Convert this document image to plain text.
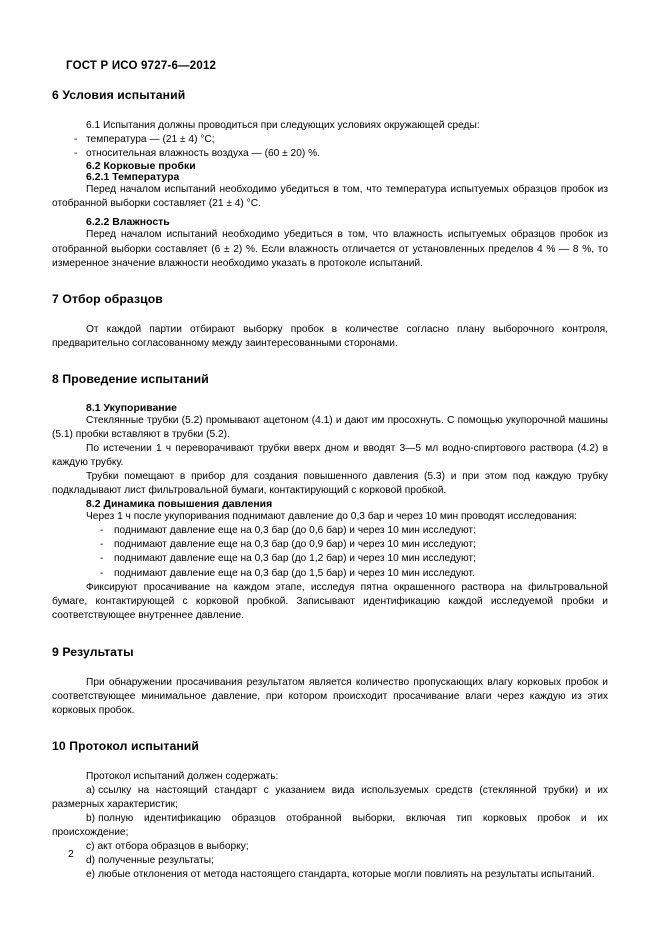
ГОСТ Р ИСО 9727-6—2012
6 Условия испытаний

6.1 Испытания должны проводиться при следующих условиях окружающей среды:

- температура — (21 ± 4) °C;
- относительная влажность воздуха — (60 ± 20) %.
6.2 Корковые пробки
6.2.1 Температура

Перед началом испытаний необходимо убедиться в том, что температура испытуемых образцов пробок из отобранной выборки составляет (21 ± 4) °С.

6.2.2 Влажность

Перед началом испытаний необходимо убедиться в том, что влажность испытуемых образцов пробок из отобранной выборки составляет (6 ± 2) %. Если влажность отличается от установленных пределов 4 % — 8 %, то измеренное значение влажности необходимо указать в протоколе испытаний.

7 Отбор образцов

От каждой партии отбирают выборку пробок в количестве согласно плану выборочного контроля, предварительно согласованному между заинтересованными сторонами.

8 Проведение испытаний
8.1 Укупоривание

Стеклянные трубки (5.2) промывают ацетоном (4.1) и дают им просохнуть. С помощью укупорочной машины (5.1) пробки вставляют в трубки (5.2).

По истечении 1 ч переворачивают трубки вверх дном и вводят 3—5 мл водно-спиртового раствора (4.2) в каждую трубку.

Трубки помещают в прибор для создания повышенного давления (5.3) и при этом под каждую трубку подкладывают лист фильтровальной бумаги, контактирующий с корковой пробкой.

8.2 Динамика повышения давления

Через 1 ч после укупоривания поднимают давление до 0,3 бар и через 10 мин проводят исследования:

- поднимают давление еще на 0,3 бар (до 0,6 бар) и через 10 мин исследуют;
- поднимают давление еще на 0,3 бар (до 0,9 бар) и через 10 мин исследуют;
- поднимают давление еще на 0,3 бар (до 1,2 бар) и через 10 мин исследуют;
- поднимают давление еще на 0,3 бар (до 1,5 бар) и через 10 мин исследуют.

Фиксируют просачивание на каждом этапе, исследуя пятна окрашенного раствора на фильтровальной бумаге, контактирующей с корковой пробкой. Записывают идентификацию каждой исследуемой пробки и соответствующее внутреннее давление.

9 Результаты

При обнаружении просачивания результатом является количество пропускающих влагу корковых пробок и соответствующее минимальное давление, при котором происходит просачивание влаги через каждую из этих корковых пробок.

10 Протокол испытаний

Протокол испытаний должен содержать:

a) ссылку на настоящий стандарт с указанием вида используемых средств (стеклянной трубки) и их размерных характеристик;
b) полную идентификацию образцов отобранной выборки, включая тип корковых пробок и их происхождение;
c) акт отбора образцов в выборку;
d) полученные результаты;
e) любые отклонения от метода настоящего стандарта, которые могли повлиять на результаты испытаний.
2
